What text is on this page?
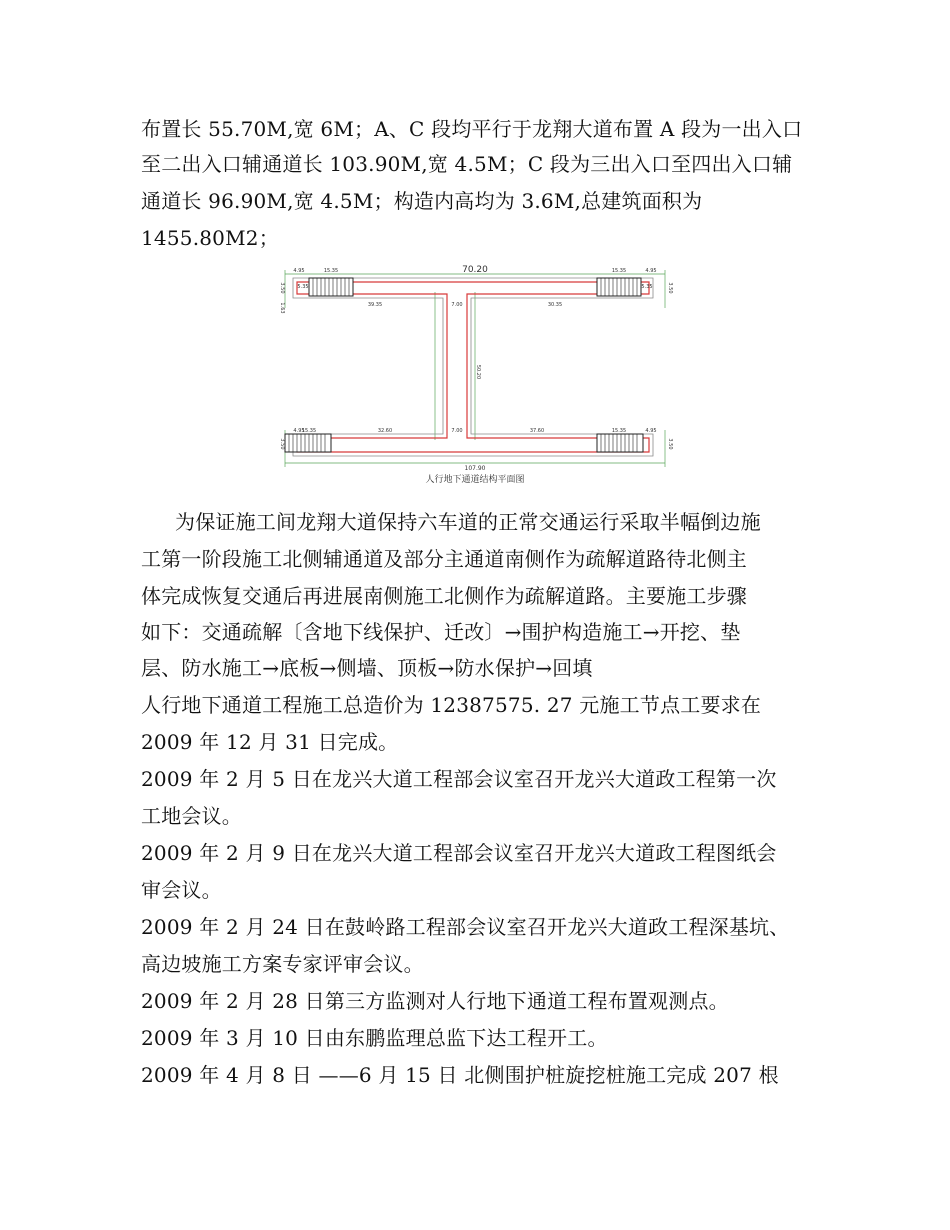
布置长 55.70M,宽 6M；A、C 段均平行于龙翔大道布置 A 段为一出入口
至二出入口辅通道长 103.90M,宽 4.5M；C 段为三出入口至四出入口辅
通道长 96.90M,宽 4.5M；构造内高均为 3.6M,总建筑面积为
1455.80M2；
70.20
4.95	4.95
15.35	15.35
39.35	30.35
7.00
50.20
3.50
1.63
3.50
5.35	5.35
4.95
15.35	32.60	7.00	37.60	15.35	4.95
3.50	3.50
107.90
人行地下通道结构平面图
为保证施工间龙翔大道保持六车道的正常交通运行采取半幅倒边施
工第一阶段施工北侧辅通道及部分主通道南侧作为疏解道路待北侧主
体完成恢复交通后再进展南侧施工北侧作为疏解道路。主要施工步骤
如下：交通疏解〔含地下线保护、迁改〕→围护构造施工→开挖、垫
层、防水施工→底板→侧墙、顶板→防水保护→回填
人行地下通道工程施工总造价为 12387575. 27 元施工节点工要求在
2009 年 12 月 31 日完成。
2009 年 2 月 5 日在龙兴大道工程部会议室召开龙兴大道政工程第一次
工地会议。
2009 年 2 月 9 日在龙兴大道工程部会议室召开龙兴大道政工程图纸会
审会议。
2009 年 2 月 24 日在鼓岭路工程部会议室召开龙兴大道政工程深基坑、
高边坡施工方案专家评审会议。
2009 年 2 月 28 日第三方监测对人行地下通道工程布置观测点。
2009 年 3 月 10 日由东鹏监理总监下达工程开工。
2009 年 4 月 8 日 ——6 月 15 日 北侧围护桩旋挖桩施工完成 207 根
